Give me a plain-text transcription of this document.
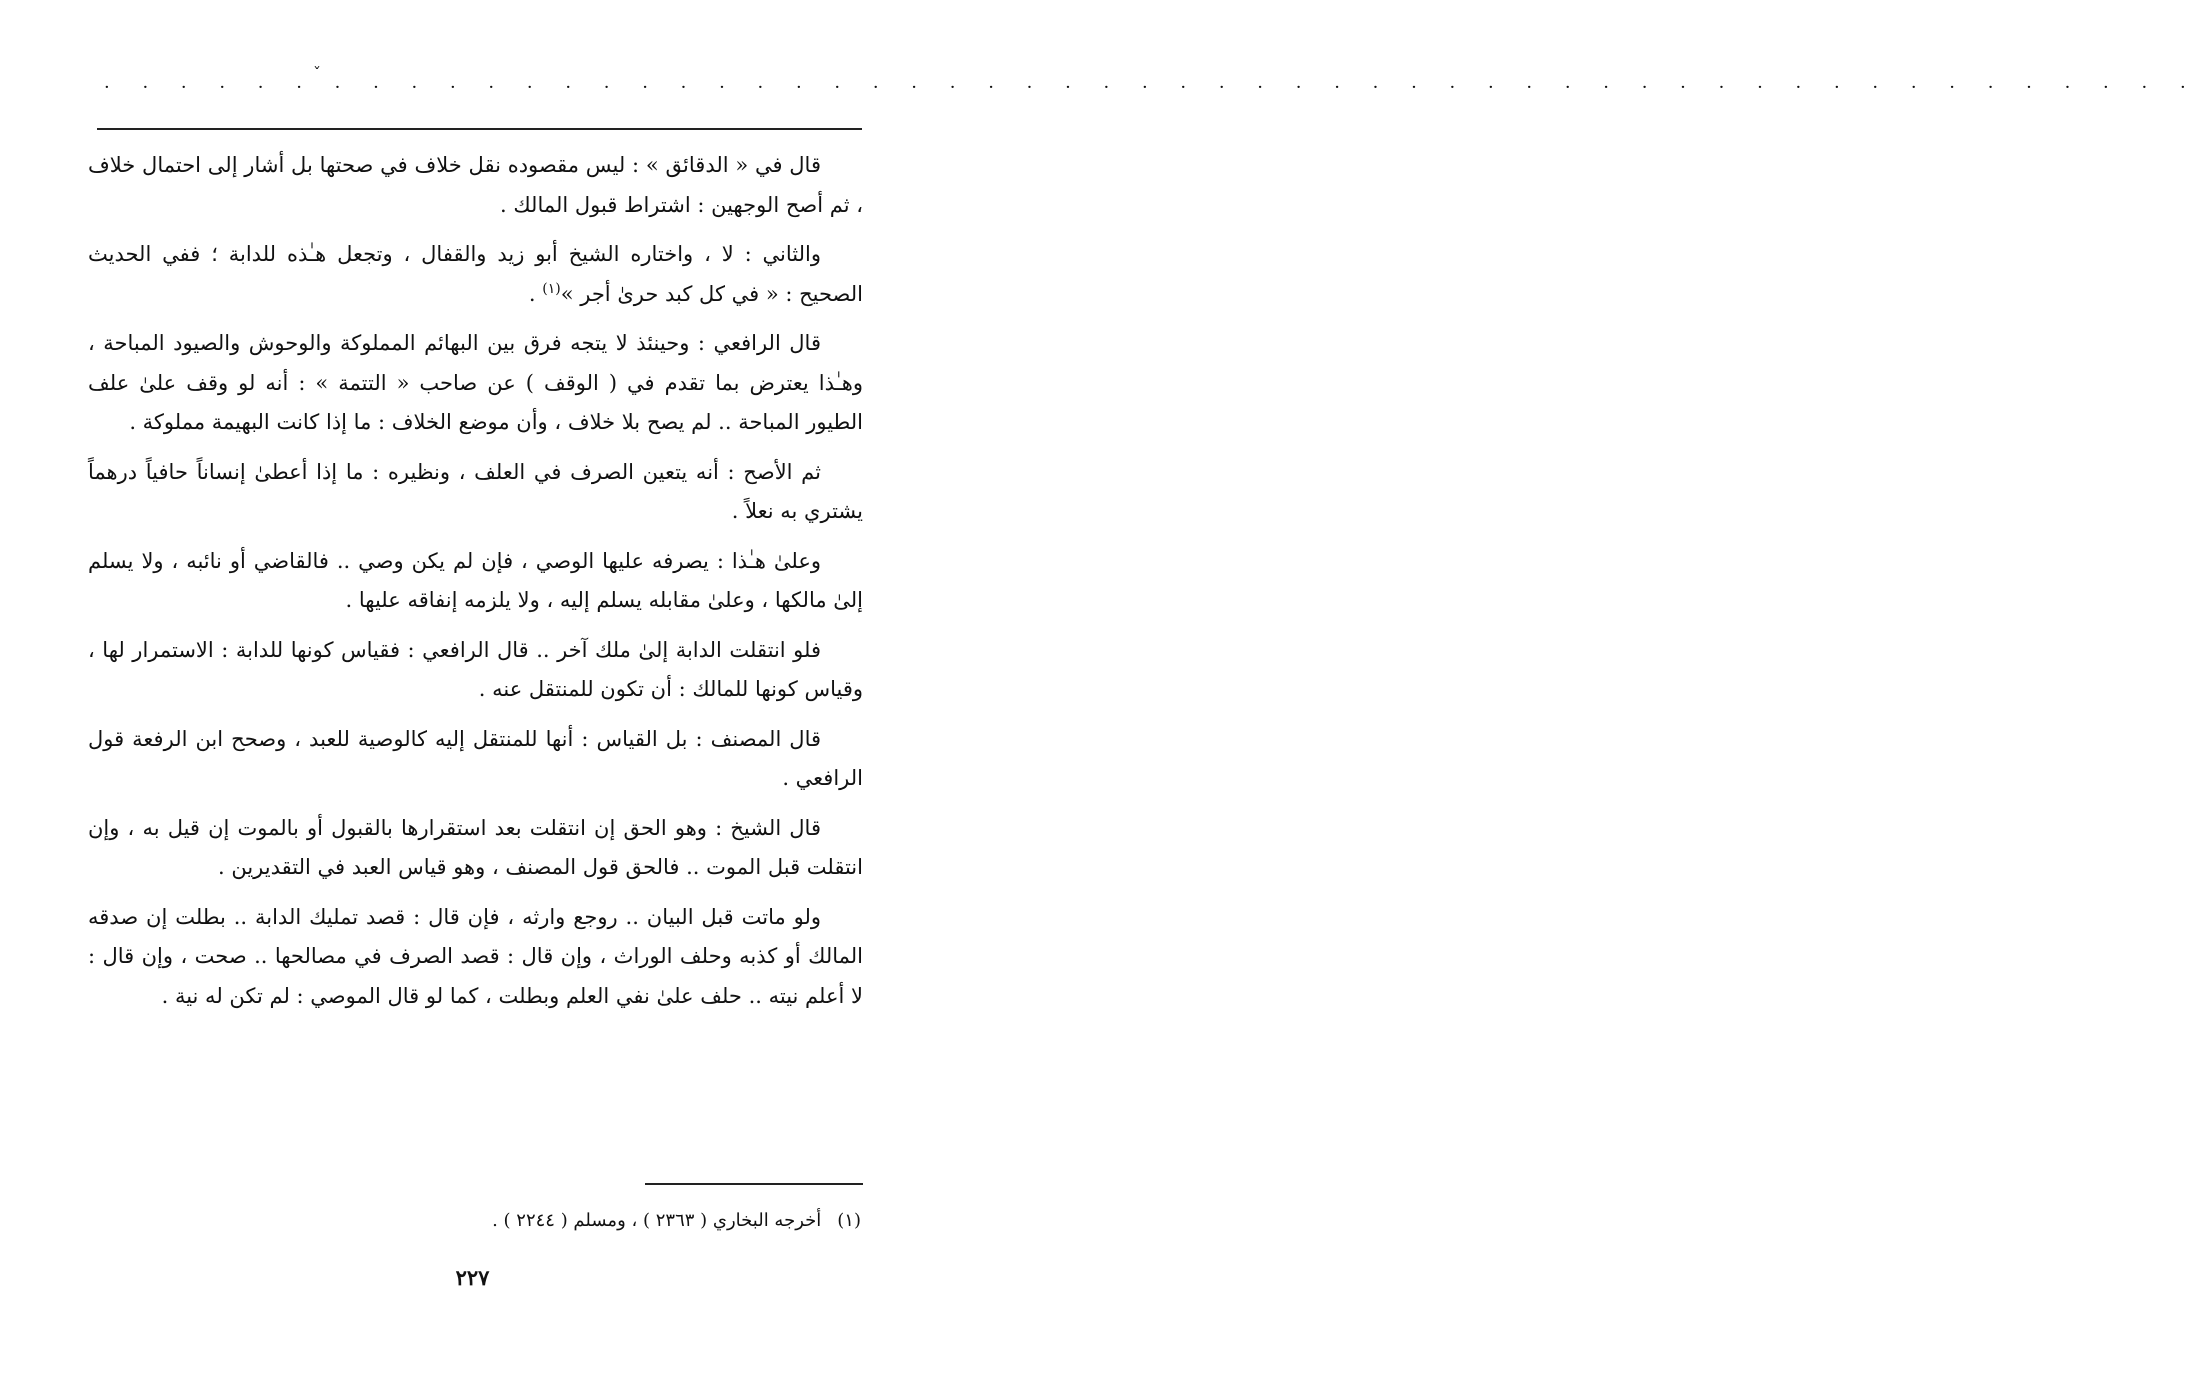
˯
· · · · · · · · · · · · · · · · · · · · · · · · · · · · · · · · · · · · · · · · · · · · · · · · · · · · · · ·

قال في « الدقائق » : ليس مقصوده نقل خلاف في صحتها بل أشار إلى احتمال خلاف ، ثم أصح الوجهين : اشتراط قبول المالك .

والثاني : لا ، واختاره الشيخ أبو زيد والقفال ، وتجعل هـٰذه للدابة ؛ ففي الحديث الصحيح : « في كل كبد حرىٰ أجر »$^{(١)}$ .

قال الرافعي : وحينئذ لا يتجه فرق بين البهائم المملوكة والوحوش والصيود المباحة ، وهـٰذا يعترض بما تقدم في ( الوقف ) عن صاحب « التتمة » : أنه لو وقف علىٰ علف الطيور المباحة .. لم يصح بلا خلاف ، وأن موضع الخلاف : ما إذا كانت البهيمة مملوكة .

ثم الأصح : أنه يتعين الصرف في العلف ، ونظيره : ما إذا أعطىٰ إنساناً حافياً درهماً يشتري به نعلاً .

وعلىٰ هـٰذا : يصرفه عليها الوصي ، فإن لم يكن وصي .. فالقاضي أو نائبه ، ولا يسلم إلىٰ مالكها ، وعلىٰ مقابله يسلم إليه ، ولا يلزمه إنفاقه عليها .

فلو انتقلت الدابة إلىٰ ملك آخر .. قال الرافعي : فقياس كونها للدابة : الاستمرار لها ، وقياس كونها للمالك : أن تكون للمنتقل عنه .

قال المصنف : بل القياس : أنها للمنتقل إليه كالوصية للعبد ، وصحح ابن الرفعة قول الرافعي .

قال الشيخ : وهو الحق إن انتقلت بعد استقرارها بالقبول أو بالموت إن قيل به ، وإن انتقلت قبل الموت .. فالحق قول المصنف ، وهو قياس العبد في التقديرين .

ولو ماتت قبل البيان .. روجع وارثه ، فإن قال : قصد تمليك الدابة .. بطلت إن صدقه المالك أو كذبه وحلف الوراث ، وإن قال : قصد الصرف في مصالحها .. صحت ، وإن قال : لا أعلم نيته .. حلف علىٰ نفي العلم وبطلت ، كما لو قال الموصي : لم تكن له نية .

(١)أخرجه البخاري ( ٢٣٦٣ ) ، ومسلم ( ٢٢٤٤ ) .
٢٢٧
